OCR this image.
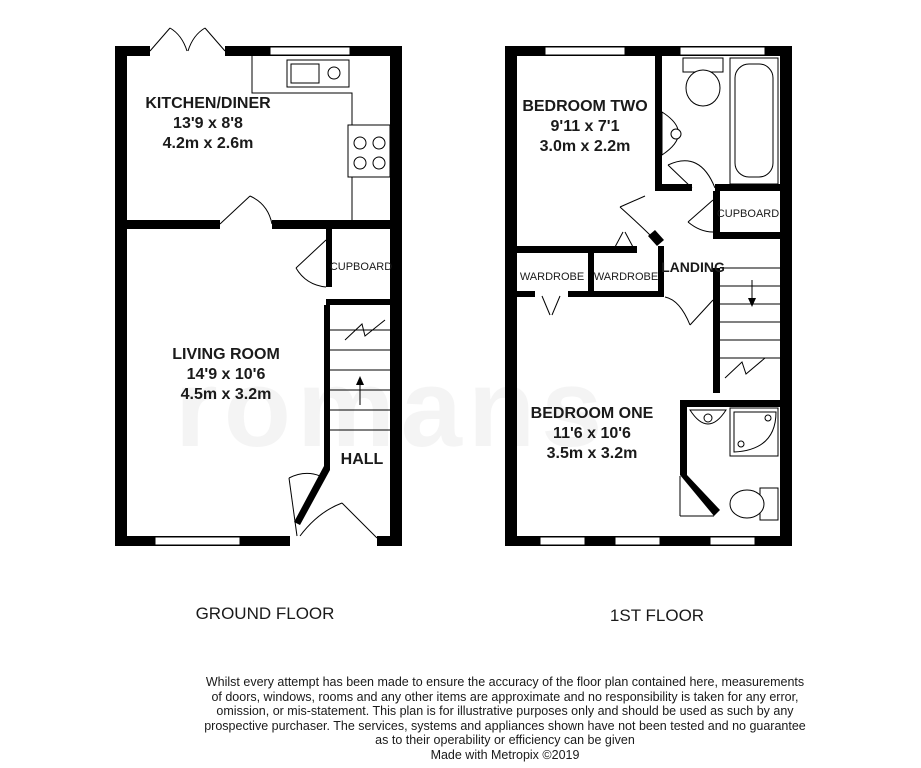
KITCHEN/DINER
13'9 x 8'8
4.2m x 2.6m
LIVING ROOM
14'9 x 10'6
4.5m x 3.2m
HALL
CUPBOARD
GROUND FLOOR
BEDROOM TWO
9'11 x 7'1
3.0m x 2.2m
BEDROOM ONE
11'6 x 10'6
3.5m x 3.2m
LANDING
CUPBOARD
WARDROBE WARDROBE
1ST FLOOR

Whilst every attempt has been made to ensure the accuracy of the floor plan contained here, measurements

of doors, windows, rooms and any other items are approximate and no responsibility is taken for any error,

omission, or mis-statement. This plan is for illustrative purposes only and should be used as such by any

prospective purchaser. The services, systems and appliances shown have not been tested and no guarantee

as to their operability or efficiency can be given

Made with Metropix ©2019
